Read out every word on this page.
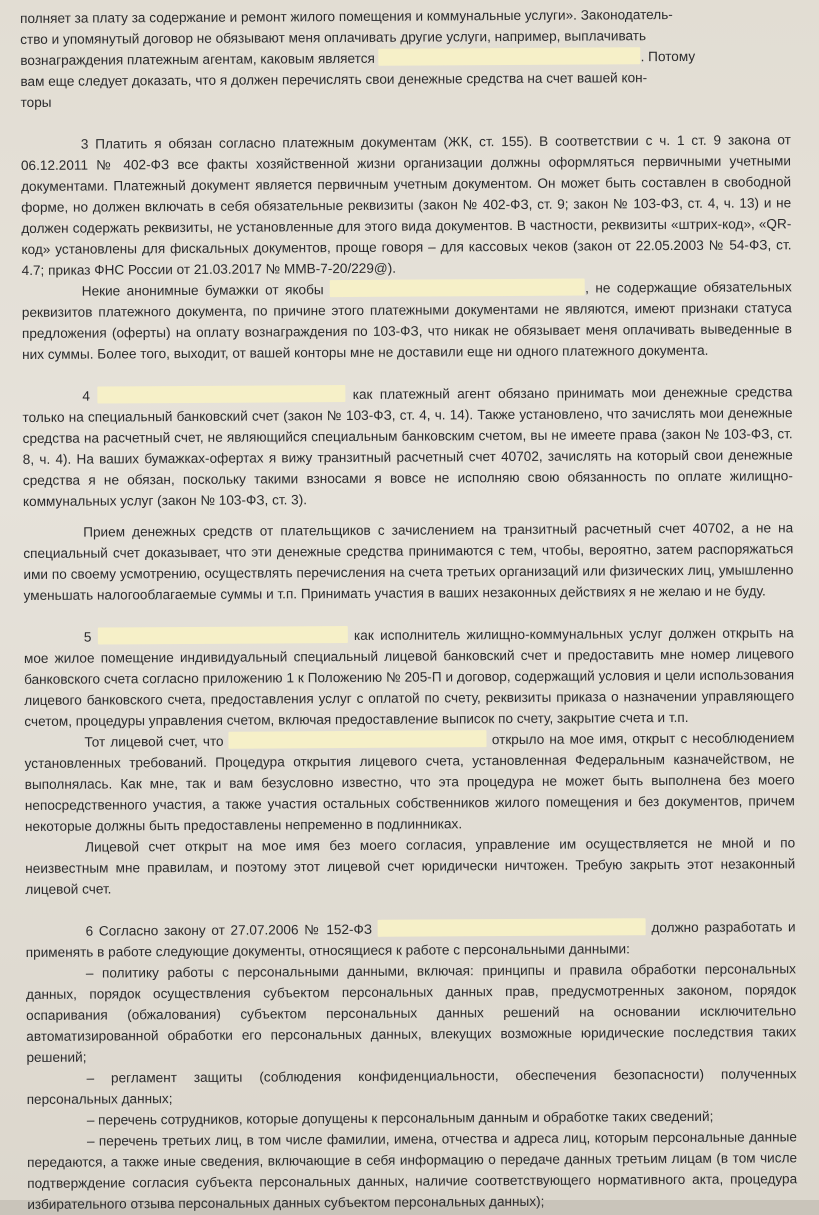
полняет за плату за содержание и ремонт жилого помещения и коммунальные услуги». Законодатель-
ство и упомянутый договор не обязывают меня оплачивать другие услуги, например, выплачивать
вознаграждения платежным агентам, каковым является	. Потому
вам еще следует доказать, что я должен перечислять свои денежные средства на счет вашей кон-
торы

3 Платить я обязан согласно платежным документам (ЖК, ст. 155). В соответствии с ч. 1 ст. 9 закона от 06.12.2011 № 402-ФЗ все факты хозяйственной жизни организации должны оформляться первичными учетными документами. Платежный документ является первичным учетным документом. Он может быть составлен в свободной форме, но должен включать в себя обязательные реквизиты (закон № 402-ФЗ, ст. 9; закон № 103-ФЗ, ст. 4, ч. 13) и не должен содержать реквизиты, не установленные для этого вида документов. В частности, реквизиты «штрих-код», «QR-код» установлены для фискальных документов, проще говоря – для кассовых чеков (закон от 22.05.2003 № 54-ФЗ, ст. 4.7; приказ ФНС России от 21.03.2017 № ММВ-7-20/229@).

Некие анонимные бумажки от якобы	, не содержащие обязательных реквизитов платежного документа, по причине этого платежными документами не являются, имеют признаки статуса предложения (оферты) на оплату вознаграждения по 103-ФЗ, что никак не обязывает меня оплачивать выведенные в них суммы. Более того, выходит, от вашей конторы мне не доставили еще ни одного платежного документа.

4	как платежный агент обязано принимать мои денежные средства только на специальный банковский счет (закон № 103-ФЗ, ст. 4, ч. 14). Также установлено, что зачислять мои денежные средства на расчетный счет, не являющийся специальным банковским счетом, вы не имеете права (закон № 103-ФЗ, ст. 8, ч. 4). На ваших бумажках-офертах я вижу транзитный расчетный счет 40702, зачислять на который свои денежные средства я не обязан, поскольку такими взносами я вовсе не исполняю свою обязанность по оплате жилищно-коммунальных услуг (закон № 103-ФЗ, ст. 3).

Прием денежных средств от плательщиков с зачислением на транзитный расчетный счет 40702, а не на специальный счет доказывает, что эти денежные средства принимаются с тем, чтобы, вероятно, затем распоряжаться ими по своему усмотрению, осуществлять перечисления на счета третьих организаций или физических лиц, умышленно уменьшать налогооблагаемые суммы и т.п. Принимать участия в ваших незаконных действиях я не желаю и не буду.

5	как исполнитель жилищно-коммунальных услуг должен открыть на мое жилое помещение индивидуальный специальный лицевой банковский счет и предоставить мне номер лицевого банковского счета согласно приложению 1 к Положению № 205-П и договор, содержащий условия и цели использования лицевого банковского счета, предоставления услуг с оплатой по счету, реквизиты приказа о назначении управляющего счетом, процедуры управления счетом, включая предоставление выписок по счету, закрытие счета и т.п.

Тот лицевой счет, что	открыло на мое имя, открыт с несоблюдением установленных требований. Процедура открытия лицевого счета, установленная Федеральным казначейством, не выполнялась. Как мне, так и вам безусловно известно, что эта процедура не может быть выполнена без моего непосредственного участия, а также участия остальных собственников жилого помещения и без документов, причем некоторые должны быть предоставлены непременно в подлинниках.

Лицевой счет открыт на мое имя без моего согласия, управление им осуществляется не мной и по неизвестным мне правилам, и поэтому этот лицевой счет юридически ничтожен. Требую закрыть этот незаконный лицевой счет.

6 Согласно закону от 27.07.2006 № 152-ФЗ	должно разработать и применять в работе следующие документы, относящиеся к работе с персональными данными:

– политику работы с персональными данными, включая: принципы и правила обработки персональных данных, порядок осуществления субъектом персональных данных прав, предусмотренных законом, порядок оспаривания (обжалования) субъектом персональных данных решений на основании исключительно автоматизированной обработки его персональных данных, влекущих возможные юридические последствия таких решений;

– регламент защиты (соблюдения конфиденциальности, обеспечения безопасности) полученных персональных данных;

– перечень сотрудников, которые допущены к персональным данным и обработке таких сведений;

– перечень третьих лиц, в том числе фамилии, имена, отчества и адреса лиц, которым персональные данные передаются, а также иные сведения, включающие в себя информацию о передаче данных третьим лицам (в том числе подтверждение согласия субъекта персональных данных, наличие соответствующего нормативного акта, процедура избирательного отзыва персональных данных субъектом персональных данных);
